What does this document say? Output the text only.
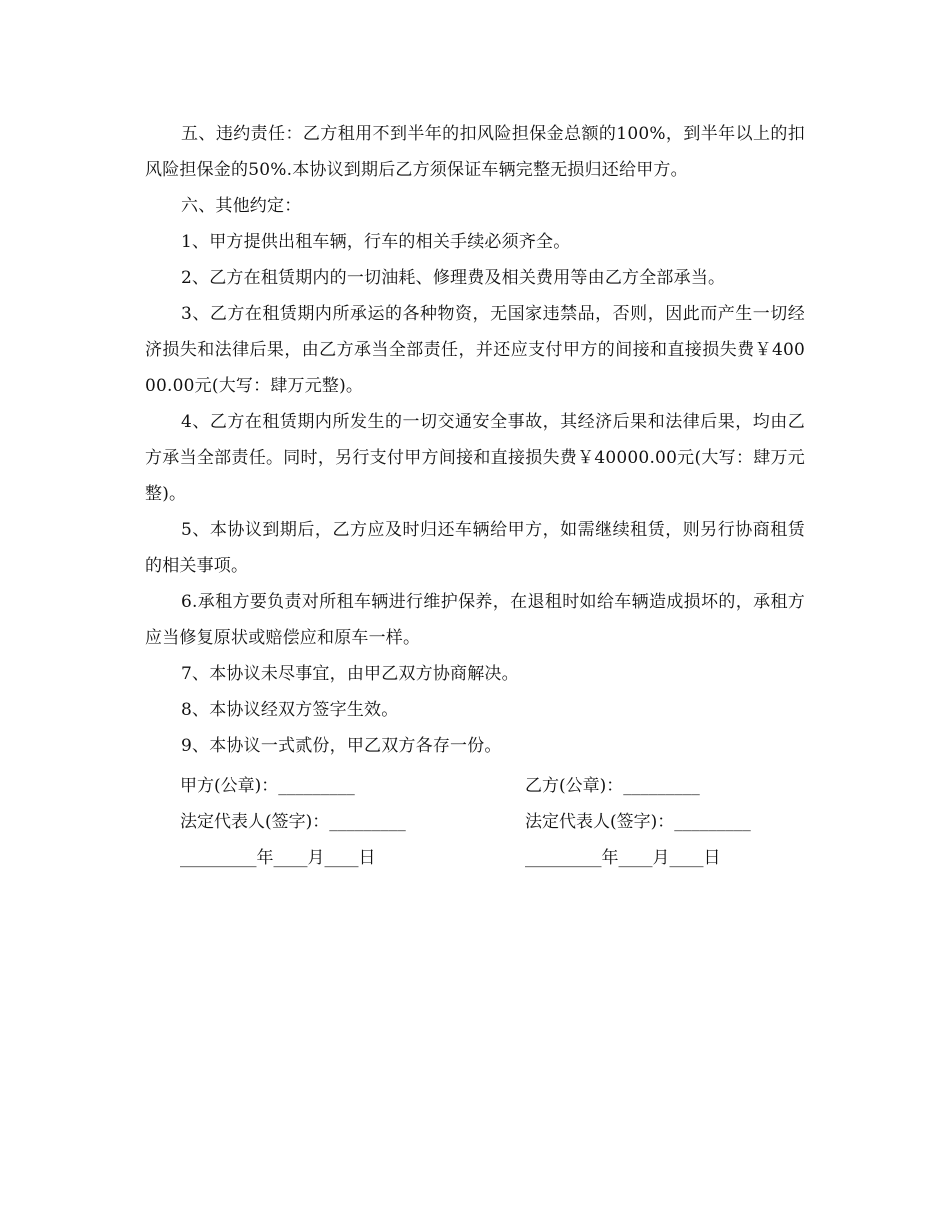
五、违约责任：乙方租用不到半年的扣风险担保金总额的100%，到半年以上的扣风险担保金的50%.本协议到期后乙方须保证车辆完整无损归还给甲方。

六、其他约定：

1、甲方提供出租车辆，行车的相关手续必须齐全。

2、乙方在租赁期内的一切油耗、修理费及相关费用等由乙方全部承当。

3、乙方在租赁期内所承运的各种物资，无国家违禁品，否则，因此而产生一切经济损失和法律后果，由乙方承当全部责任，并还应支付甲方的间接和直接损失费￥40000.00元(大写：肆万元整)。

4、乙方在租赁期内所发生的一切交通安全事故，其经济后果和法律后果，均由乙方承当全部责任。同时，另行支付甲方间接和直接损失费￥40000.00元(大写：肆万元整)。

5、本协议到期后，乙方应及时归还车辆给甲方，如需继续租赁，则另行协商租赁的相关事项。

6.承租方要负责对所租车辆进行维护保养，在退租时如给车辆造成损坏的，承租方应当修复原状或赔偿应和原车一样。

7、本协议未尽事宜，由甲乙双方协商解决。

8、本协议经双方签字生效。

9、本协议一式贰份，甲乙双方各存一份。

甲方(公章)：_________	乙方(公章)：_________
法定代表人(签字)：_________	法定代表人(签字)：_________
_________年____月____日	_________年____月____日
